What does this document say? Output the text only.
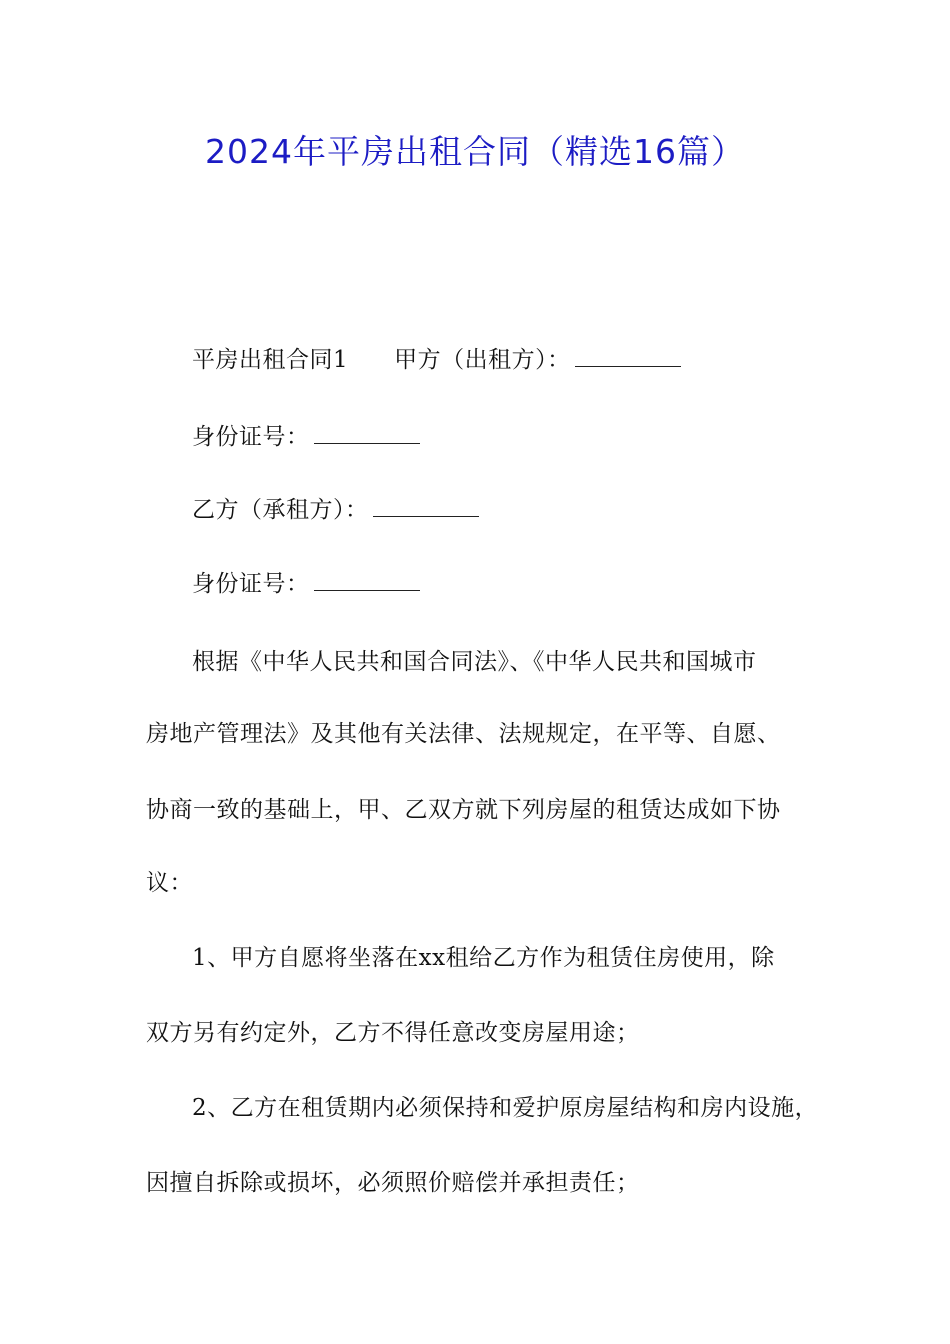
2024年平房出租合同（精选16篇）
平房出租合同1 甲方（出租方）：
身份证号：
乙方（承租方）：
身份证号：
根据《中华人民共和国合同法》、《中华人民共和国城市
房地产管理法》及其他有关法律、法规规定，在平等、自愿、
协商一致的基础上，甲、乙双方就下列房屋的租赁达成如下协
议：
1、甲方自愿将坐落在xx租给乙方作为租赁住房使用，除
双方另有约定外，乙方不得任意改变房屋用途；
2、乙方在租赁期内必须保持和爱护原房屋结构和房内设施，
因擅自拆除或损坏，必须照价赔偿并承担责任；
